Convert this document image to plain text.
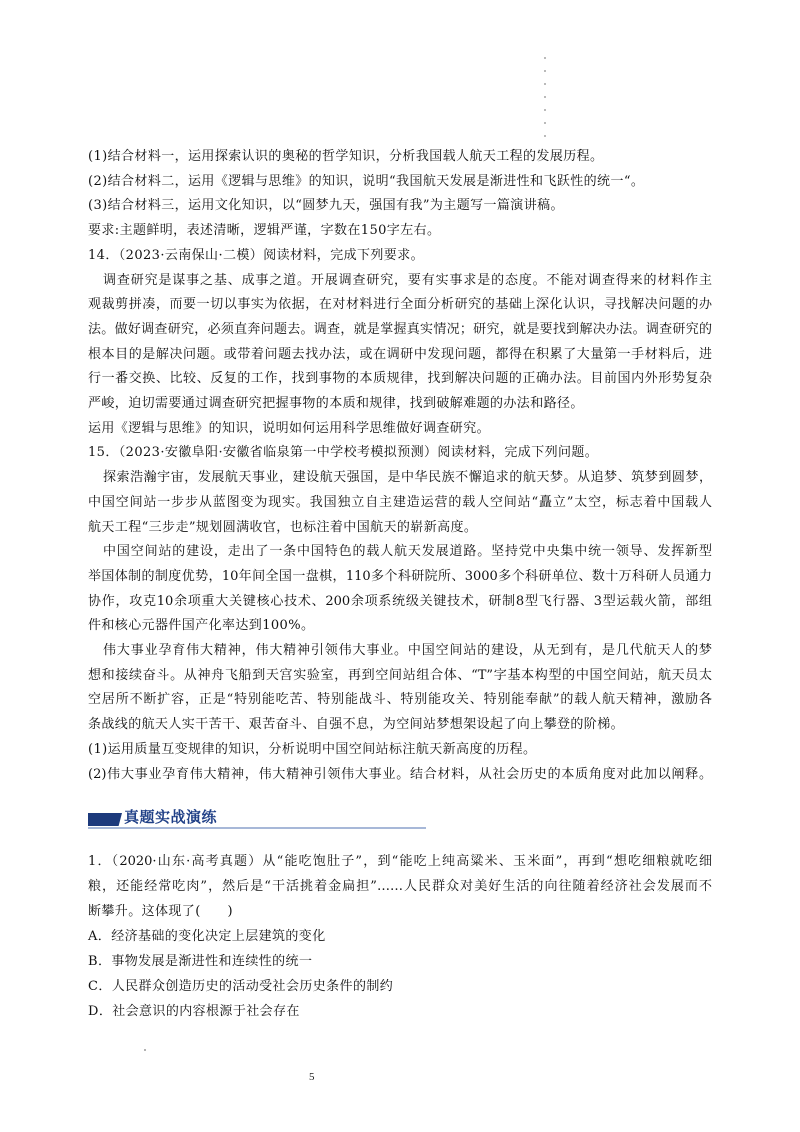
(1)结合材料一，运用探索认识的奥秘的哲学知识，分析我国载人航天工程的发展历程。
(2)结合材料二，运用《逻辑与思维》的知识，说明“我国航天发展是渐进性和飞跃性的统一“。
(3)结合材料三，运用文化知识，以“圆梦九天，强国有我”为主题写一篇演讲稿。
要求:主题鲜明，表述清晰，逻辑严谨，字数在150字左右。
14．（2023·云南保山·二模）阅读材料，完成下列要求。
调查研究是谋事之基、成事之道。开展调查研究，要有实事求是的态度。不能对调查得来的材料作主
观裁剪拼凑，而要一切以事实为依据，在对材料进行全面分析研究的基础上深化认识，寻找解决问题的办
法。做好调查研究，必须直奔问题去。调查，就是掌握真实情况；研究，就是要找到解决办法。调查研究的
根本目的是解决问题。或带着问题去找办法，或在调研中发现问题，都得在积累了大量第一手材料后，进
行一番交换、比较、反复的工作，找到事物的本质规律，找到解决问题的正确办法。目前国内外形势复杂
严峻，迫切需要通过调查研究把握事物的本质和规律，找到破解难题的办法和路径。
运用《逻辑与思维》的知识，说明如何运用科学思维做好调查研究。
15．（2023·安徽阜阳·安徽省临泉第一中学校考模拟预测）阅读材料，完成下列问题。
探索浩瀚宇宙，发展航天事业，建设航天强国，是中华民族不懈追求的航天梦。从追梦、筑梦到圆梦，
中国空间站一步步从蓝图变为现实。我国独立自主建造运营的载人空间站“矗立”太空，标志着中国载人
航天工程“三步走”规划圆满收官，也标注着中国航天的崭新高度。
中国空间站的建设，走出了一条中国特色的载人航天发展道路。坚持党中央集中统一领导、发挥新型
举国体制的制度优势，10年间全国一盘棋，110多个科研院所、3000多个科研单位、数十万科研人员通力
协作，攻克10余项重大关键核心技术、200余项系统级关键技术，研制8型飞行器、3型运载火箭，部组
件和核心元器件国产化率达到100%。
伟大事业孕育伟大精神，伟大精神引领伟大事业。中国空间站的建设，从无到有，是几代航天人的梦
想和接续奋斗。从神舟飞船到天宫实验室，再到空间站组合体、“T”字基本构型的中国空间站，航天员太
空居所不断扩容，正是“特别能吃苦、特别能战斗、特别能攻关、特别能奉献”的载人航天精神，激励各
条战线的航天人实干苦干、艰苦奋斗、自强不息，为空间站梦想架设起了向上攀登的阶梯。
(1)运用质量互变规律的知识，分析说明中国空间站标注航天新高度的历程。
(2)伟大事业孕育伟大精神，伟大精神引领伟大事业。结合材料，从社会历史的本质角度对此加以阐释。
真题实战演练
1．（2020·山东·高考真题）从“能吃饱肚子”，到“能吃上纯高粱米、玉米面”，再到“想吃细粮就吃细
粮，还能经常吃肉”，然后是“干活挑着金扁担”……人民群众对美好生活的向往随着经济社会发展而不
断攀升。这体现了(　　)
A．经济基础的变化决定上层建筑的变化
B．事物发展是渐进性和连续性的统一
C．人民群众创造历史的活动受社会历史条件的制约
D．社会意识的内容根源于社会存在
5
